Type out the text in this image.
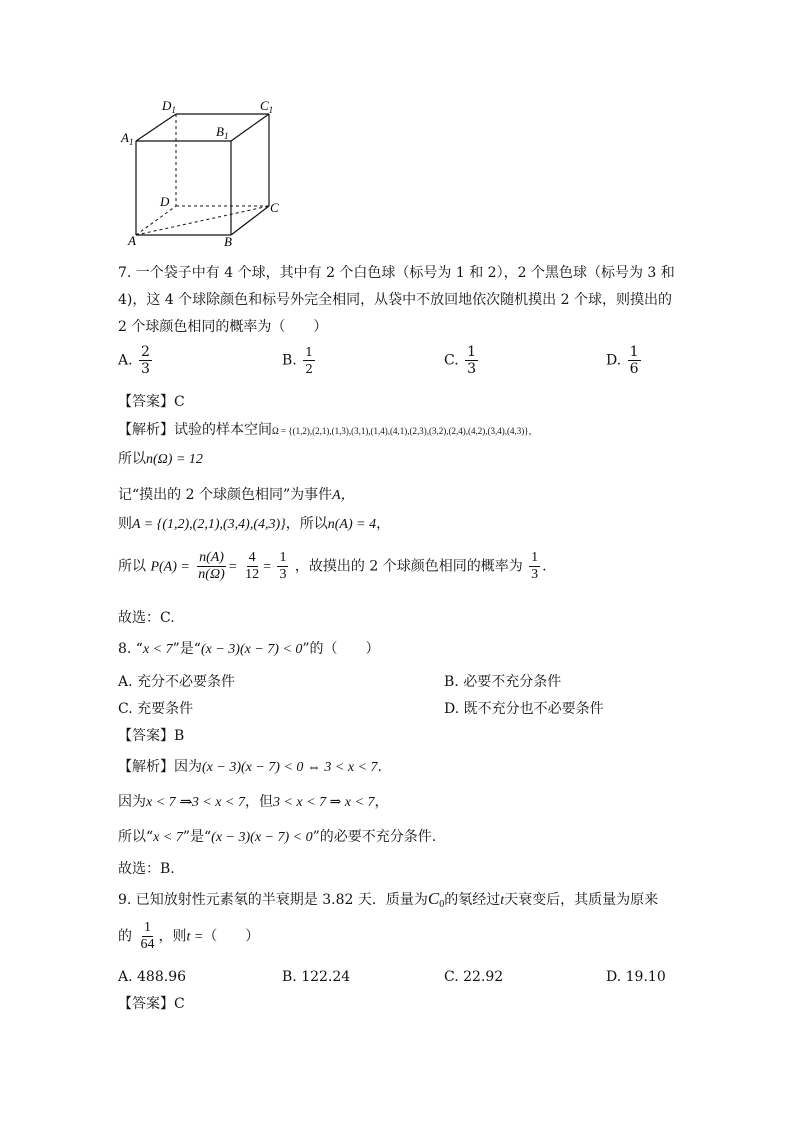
$A_1$
$D_1$	$C_1$
$B_1$
D	C
A	B
7. 一个袋子中有 4 个球，其中有 2 个白色球（标号为 1 和 2），2 个黑色球（标号为 3 和
4)，这 4 个球除颜色和标号外完全相同，从袋中不放回地依次随机摸出 2 个球，则摸出的
2 个球颜色相同的概率为（　　）
A. $\frac{2}{3}$	B. $\frac{1}{2}$	C. $\frac{1}{3}$	D. $\frac{1}{6}$
【答案】C
【解析】试验的样本空间Ω = {(1,2),(2,1),(1,3),(3,1),(1,4),(4,1),(2,3),(3,2),(2,4),(4,2),(3,4),(4,3)}，
所以n(Ω) = 12
记“摸出的 2 个球颜色相同”为事件A，
则A = {(1,2),(2,1),(3,4),(4,3)}，所以n(A) = 4，
所以 $P(A) = \frac{n(A)}{n(\Omega)} = \frac{4}{12} = \frac{1}{3}$ ，故摸出的 2 个球颜色相同的概率为 $\frac{1}{3}$ .
故选：C.
8. “x < 7”是“(x − 3)(x − 7) < 0”的（　　）
A. 充分不必要条件	B. 必要不充分条件
C. 充要条件	D. 既不充分也不必要条件
【答案】B
【解析】因为(x − 3)(x − 7) < 0 ⇔ 3 < x < 7.
因为x < 7 ⇒3 < x < 7，但3 < x < 7 ⇒ x < 7，
所以“x < 7”是“(x − 3)(x − 7) < 0”的必要不充分条件.
故选：B.
9. 已知放射性元素氡的半衰期是 3.82 天．质量为$C_0$的氡经过t天衰变后，其质量为原来
的 $\frac{1}{64}$ ，则t =（　　）
A. 488.96	B. 122.24	C. 22.92	D. 19.10
【答案】C
